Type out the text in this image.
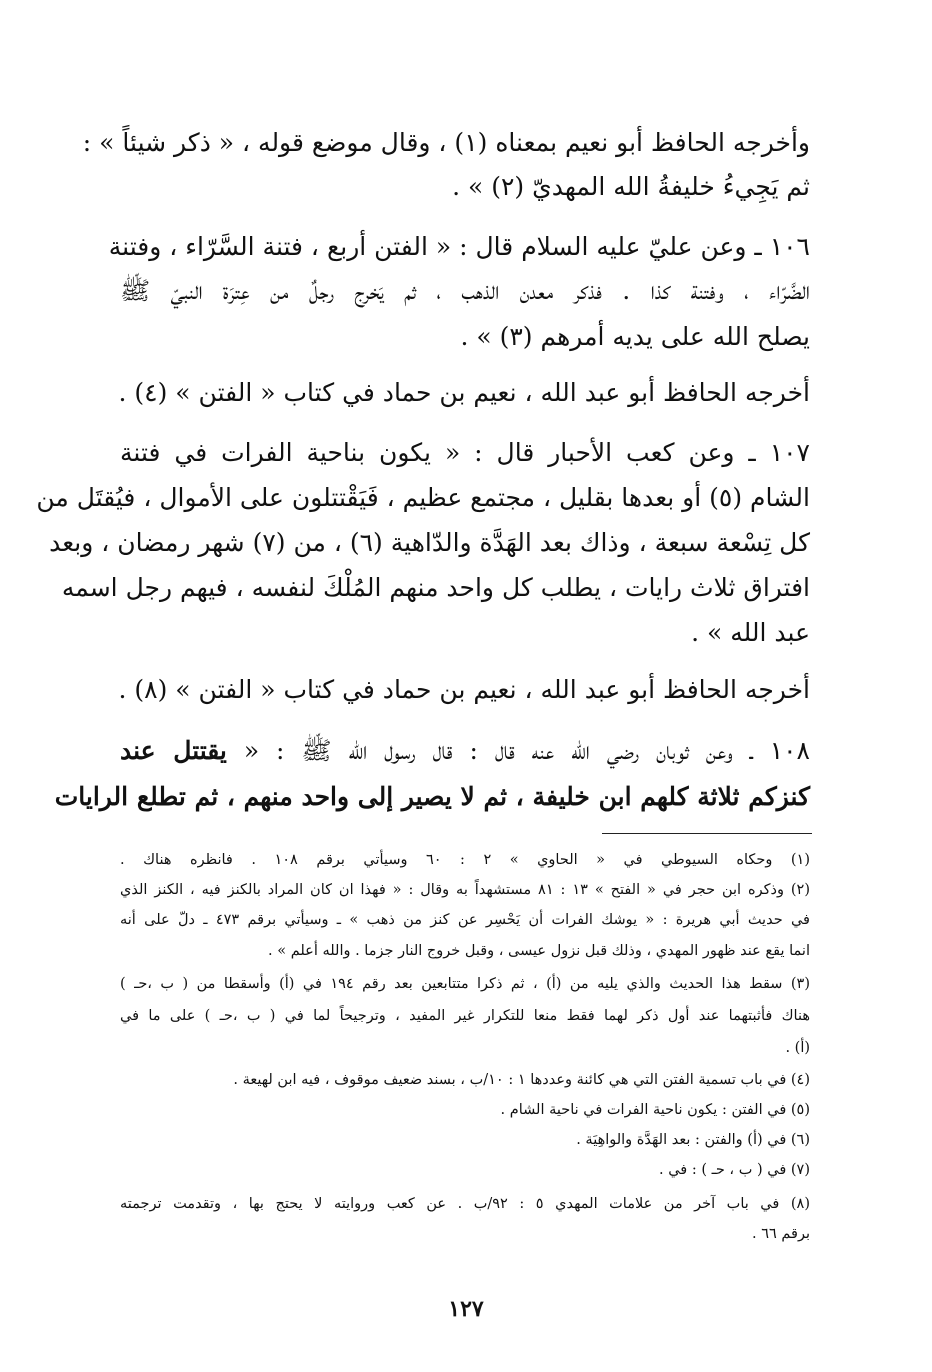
وأخرجه الحافظ أبو نعيم بمعناه (١) ، وقال موضع قوله ، « ذكر شيئاً » :
ثم يَجِيءُ خليفةُ الله المهديّ (٢) » .
١٠٦ ـ وعن عليّ عليه السلام قال : « الفتن أربع ، فتنة السَّرّاء ، وفتنة
الضَّرّاء ، وفتنة كذا . فذكر معدن الذهب ، ثم يَخرج رجلٌ من عِترَة النبيّ ﷺ
يصلح الله على يديه أمرهم (٣) » .
أخرجه الحافظ أبو عبد الله ، نعيم بن حماد في كتاب « الفتن » (٤) .
١٠٧ ـ وعن كعب الأحبار قال : « يكون بناحية الفرات في فتنة
الشام (٥) أو بعدها بقليل ، مجتمع عظيم ، فَيَقْتتلون على الأموال ، فيُقتَل من
كل تِسْعة سبعة ، وذاك بعد الهَدَّة والدّاهية (٦) ، من (٧) شهر رمضان ، وبعد
افتراق ثلاث رايات ، يطلب كل واحد منهم المُلْكَ لنفسه ، فيهم رجل اسمه
عبد الله » .
أخرجه الحافظ أبو عبد الله ، نعيم بن حماد في كتاب « الفتن » (٨) .
١٠٨ ـ وعن ثوبان رضي الله عنه قال : قال رسول الله ﷺ : « يقتتل عند
كنزكم ثلاثة كلهم ابن خليفة ، ثم لا يصير إلى واحد منهم ، ثم تطلع الرايات
(١) وحكاه السيوطي في « الحاوي » ٢ : ٦٠ وسيأتي برقم ١٠٨ . فانظره هناك .
(٢) وذكره ابن حجر في « الفتح » ١٣ : ٨١ مستشهداً به وقال : « فهذا ان كان المراد بالكنز فيه ، الكنز الذي
في حديث أبي هريرة : « يوشك الفرات أن يَحْسِر عن كنز من ذهب » ـ وسيأتي برقم ٤٧٣ ـ دلّ على أنه
انما يقع عند ظهور المهدي ، وذلك قبل نزول عيسى ، وقبل خروج النار جزما . والله أعلم » .
(٣) سقط هذا الحديث والذي يليه من (أ) ، ثم ذكرا متتابعين بعد رقم ١٩٤ في (أ) وأسقطا من ( ب ،حـ )
هناك فأثبتهما عند أول ذكر لهما فقط منعا للتكرار غير المفيد ، وترجيحاً لما في ( ب ،حـ ) على ما في
(أ) .
(٤) في باب تسمية الفتن التي هي كائنة وعددها ١ : ١٠/ب ، بسند ضعيف موقوف ، فيه ابن لهيعة .
(٥) في الفتن : يكون ناحية الفرات في ناحية الشام .
(٦) في (أ) والفتن : بعد الهَدَّة والواهِيَة .
(٧) في ( ب ، حـ ) : في .
(٨) في باب آخر من علامات المهدي ٥ : ٩٢/ب . عن كعب وروايته لا يحتج بها ، وتقدمت ترجمته
برقم ٦٦ .
١٢٧
